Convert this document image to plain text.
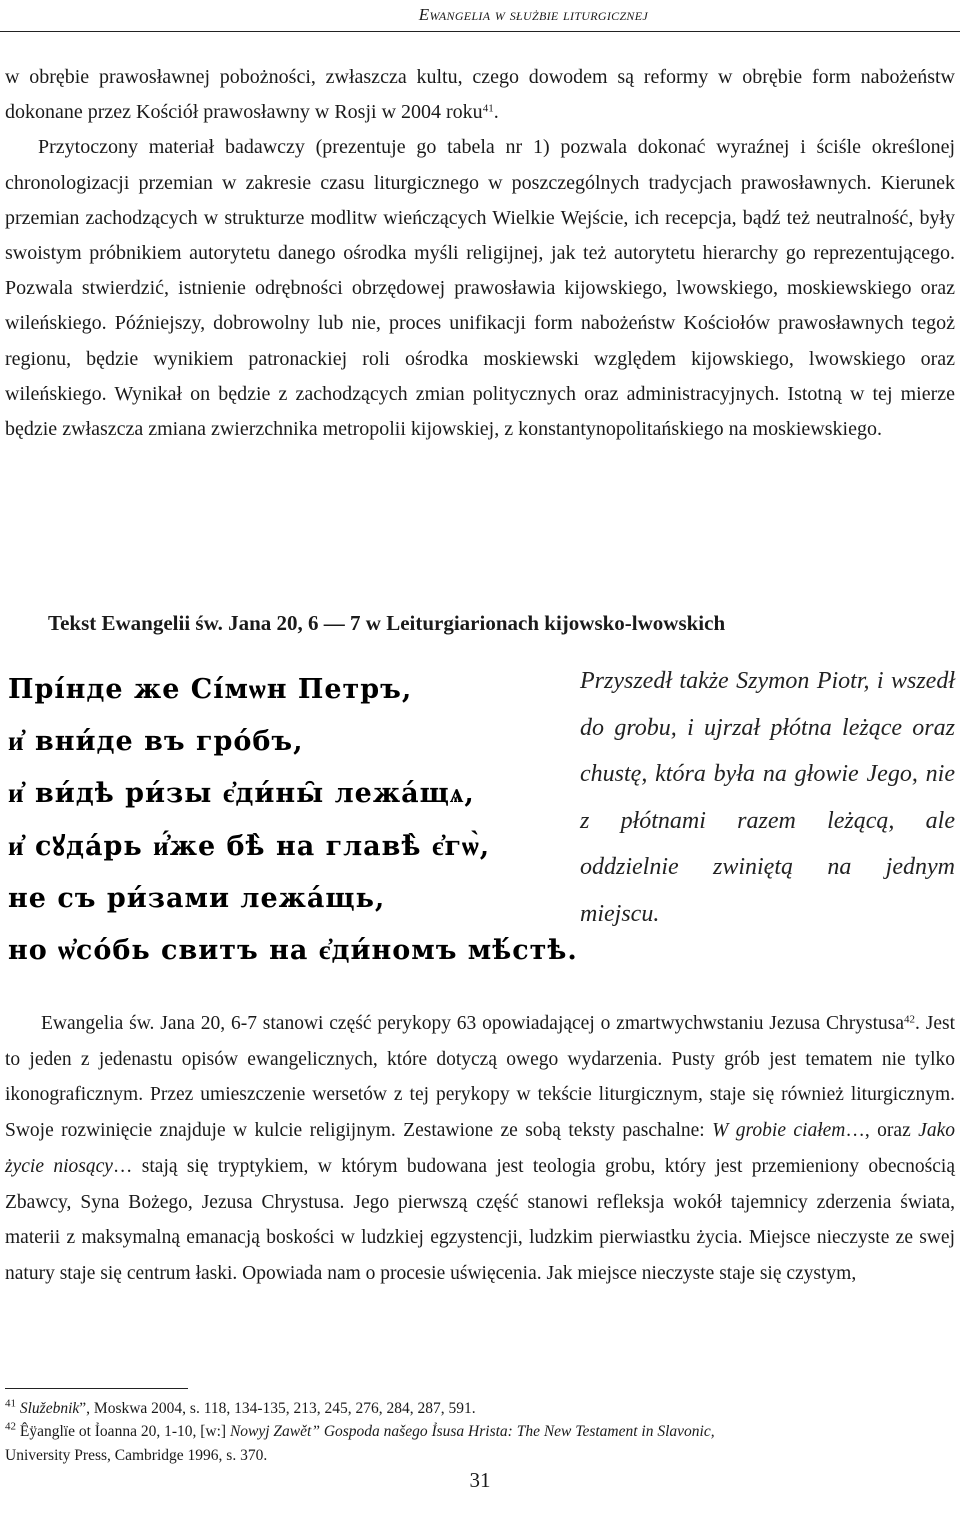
Ewangelia w służbie liturgicznej

w obrębie prawosławnej pobożności, zwłaszcza kultu, czego dowodem są reformy w obrębie form nabożeństw dokonane przez Kościół prawosławny w Rosji w 2004 roku$^{41}$.
Przytoczony materiał badawczy (prezentuje go tabela nr 1) pozwala dokonać wyraźnej i ściśle określonej chronologizacji przemian w zakresie czasu liturgicznego w poszczególnych tradycjach prawosławnych. Kierunek przemian zachodzących w strukturze modlitw wieńczących Wielkie Wejście, ich recepcja, bądź też neutralność, były swoistym próbnikiem autorytetu danego ośrodka myśli religijnej, jak też autorytetu hierarchy go reprezentującego. Pozwala stwierdzić, istnienie odrębności obrzędowej prawosławia kijowskiego, lwowskiego, moskiewskiego oraz wileńskiego. Późniejszy, dobrowolny lub nie, proces unifikacji form nabożeństw Kościołów prawosławnych tegoż regionu, będzie wynikiem patronackiej roli ośrodka moskiewski względem kijowskiego, lwowskiego oraz wileńskiego. Wynikał on będzie z zachodzących zmian politycznych oraz administracyjnych. Istotną w tej mierze będzie zwłaszcza zmiana zwierzchnika metropolii kijowskiej, z konstantynopolitańskiego na moskiewskiego.

Tekst Ewangelii św. Jana 20, 6 — 7 w Leiturgiarionach kijowsko-lwowskich
Прі́нде же Сі́мѡн Петръ,
и҆ вни́де въ гро́бъ,
и҆ ви́дѣ ри́зы є҆ди́ны̑ лежа́щѧ,
и҆ сꙋда́рь и҆́же бѣ̀ на главѣ̀ є҆гѡ̀,
не съ ри́зами лежа́щь,
но ѡ҆со́бь свитъ на є҆ди́номъ мѣ́стѣ.

Przyszedł także Szymon Piotr, i wszedł do grobu, i ujrzał płótna leżące oraz chustę, która była na głowie Jego, nie z płótnami razem leżącą, ale oddzielnie zwiniętą na jednym miejscu.

Ewangelia św. Jana 20, 6-7 stanowi część perykopy 63 opowiadającej o zmartwychwstaniu Jezusa Chrystusa$^{42}$. Jest to jeden z jedenastu opisów ewangelicznych, które dotyczą owego wydarzenia. Pusty grób jest tematem nie tylko ikonograficznym. Przez umieszczenie wersetów z tej perykopy w tekście liturgicznym, staje się również liturgicznym. Swoje rozwinięcie znajduje w kulcie religijnym. Zestawione ze sobą teksty paschalne: W grobie ciałem…, oraz Jako życie niosący… stają się tryptykiem, w którym budowana jest teologia grobu, który jest przemieniony obecnością Zbawcy, Syna Bożego, Jezusa Chrystusa. Jego pierwszą część stanowi refleksja wokół tajemnicy zderzenia świata, materii z maksymalną emanacją boskości w ludzkiej egzystencji, ludzkim pierwiastku życia. Miejsce nieczyste ze swej natury staje się centrum łaski. Opowiada nam o procesie uświęcenia. Jak miejsce nieczyste staje się czystym,

$^{41}$ Služebnik”, Moskwa 2004, s. 118, 134-135, 213, 245, 276, 284, 287, 591.

$^{42}$ Êÿanglïe ot Ỉoanna 20, 1-10, [w:] Nowyj Zawět” Gospoda našego Ỉsusa Hrista: The New Testament in Slavonic,
University Press, Cambridge 1996, s. 370.

31
